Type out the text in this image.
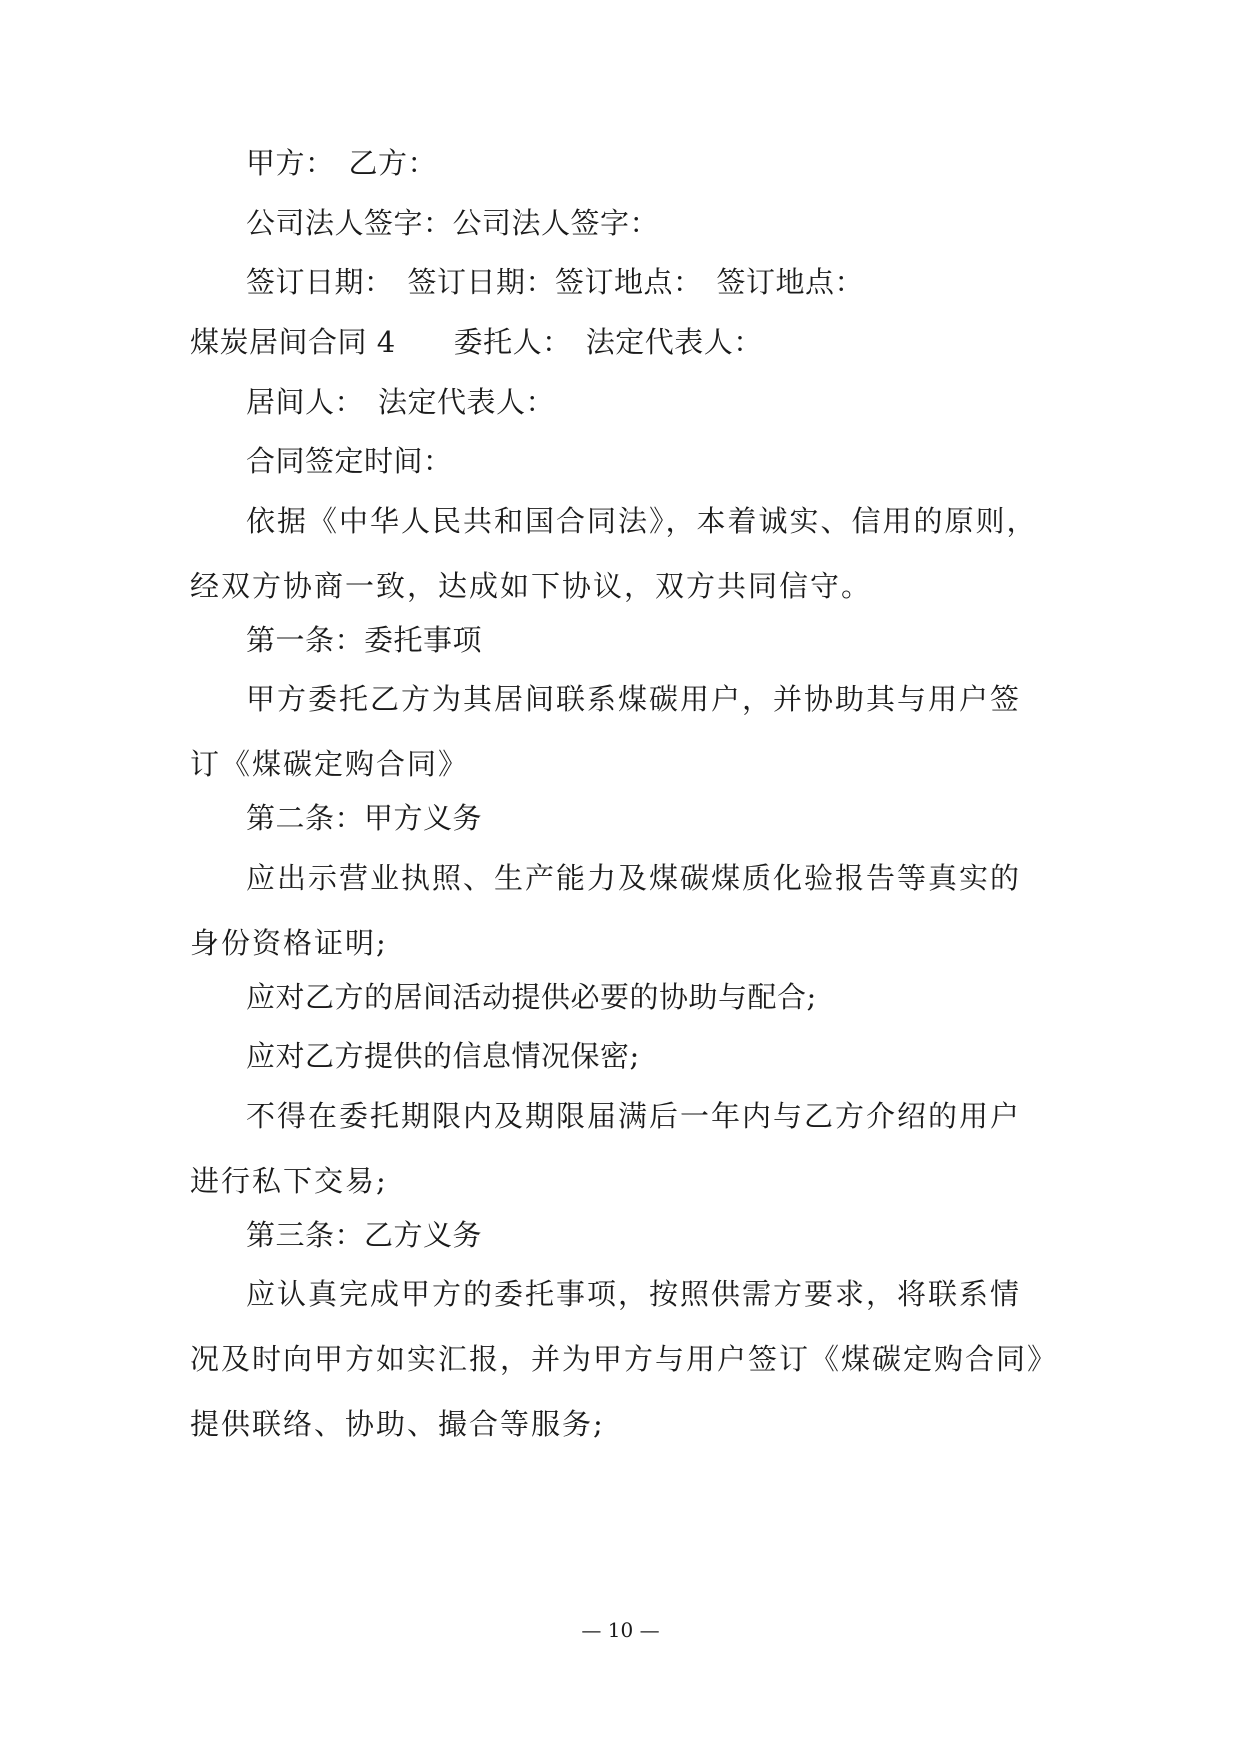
甲方： 乙方：
公司法人签字：公司法人签字：
签订日期： 签订日期：签订地点： 签订地点：
煤炭居间合同 4 委托人： 法定代表人：
居间人： 法定代表人：
合同签定时间：
依据《中华人民共和国合同法》，本着诚实、信用的原则，经双方协商一致，达成如下协议，双方共同信守。
第一条：委托事项
甲方委托乙方为其居间联系煤碳用户，并协助其与用户签订《煤碳定购合同》
第二条：甲方义务
应出示营业执照、生产能力及煤碳煤质化验报告等真实的身份资格证明;
应对乙方的居间活动提供必要的协助与配合;
应对乙方提供的信息情况保密;
不得在委托期限内及期限届满后一年内与乙方介绍的用户进行私下交易;
第三条：乙方义务
应认真完成甲方的委托事项，按照供需方要求，将联系情况及时向甲方如实汇报，并为甲方与用户签订《煤碳定购合同》提供联络、协助、撮合等服务;
— 10 —
